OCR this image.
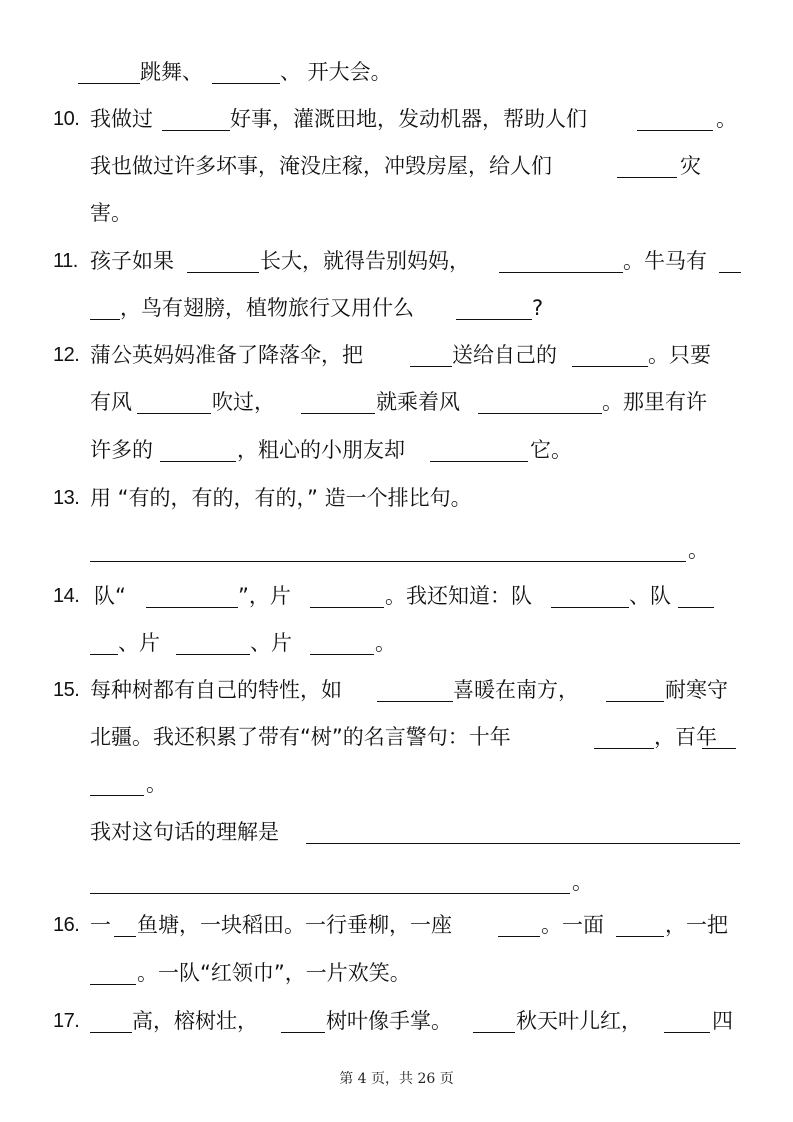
跳舞、	、 开大会。
10. 我做过	好事，灌溉田地，发动机器，帮助人们	。
我也做过许多坏事，淹没庄稼，冲毁房屋，给人们	灾
害。
11. 孩子如果	长大，就得告别妈妈，	。牛马有
，鸟有翅膀，植物旅行又用什么	?
12. 蒲公英妈妈准备了降落伞，把	送给自己的	。只要
有风	吹过，	就乘着风	。那里有许
许多的	，粗心的小朋友却	它。
13. 用 “有的，有的，有的，” 造一个排比句。
。
14. 队“	”，片	。我还知道：队	、队
、片	、片	。
15. 每种树都有自己的特性，如	喜暖在南方，	耐寒守
北疆。我还积累了带有“树”的名言警句：十年	，百年
。
我对这句话的理解是
。
16. 一 鱼塘，一块稻田。一行垂柳，一座	。一面	，一把
。一队“红领巾”，一片欢笑。
17.	高，榕树壮，	树叶像手掌。	秋天叶儿红，	四
第 4 页，共 26 页
